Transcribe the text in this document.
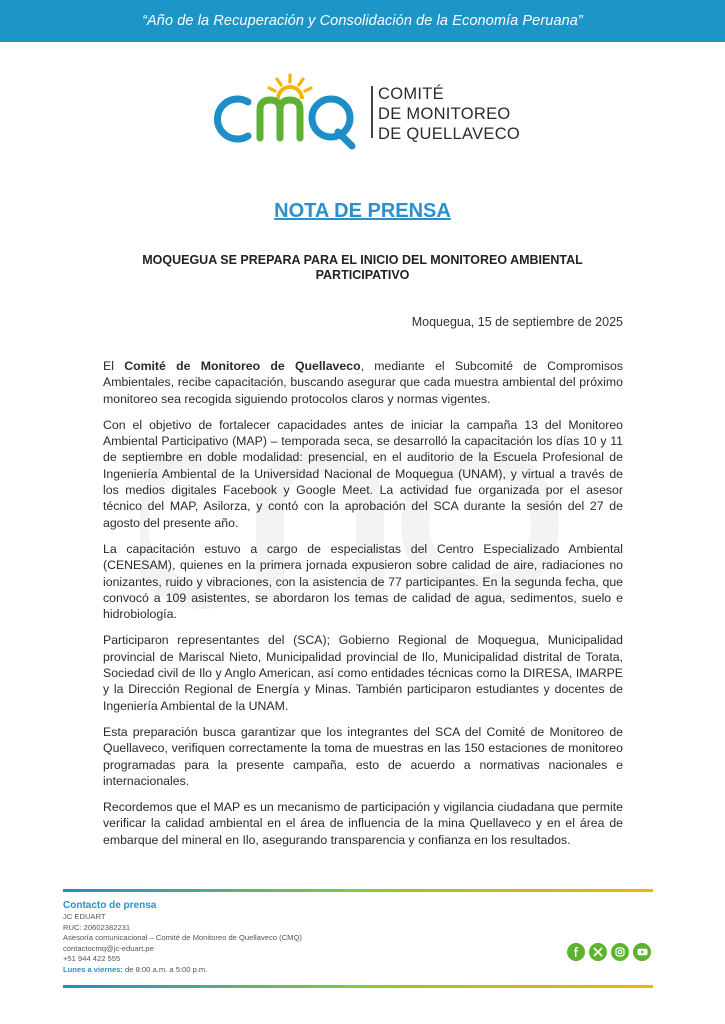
“Año de la Recuperación y Consolidación de la Economía Peruana”
COMITÉ
DE MONITOREO
DE QUELLAVECO
NOTA DE PRENSA
MOQUEGUA SE PREPARA PARA EL INICIO DEL MONITOREO AMBIENTAL
PARTICIPATIVO
Moquegua, 15 de septiembre de 2025

El Comité de Monitoreo de Quellaveco, mediante el Subcomité de Compromisos Ambientales, recibe capacitación, buscando asegurar que cada muestra ambiental del próximo monitoreo sea recogida siguiendo protocolos claros y normas vigentes.

Con el objetivo de fortalecer capacidades antes de iniciar la campaña 13 del Monitoreo Ambiental Participativo (MAP) – temporada seca, se desarrolló la capacitación los días 10 y 11 de septiembre en doble modalidad: presencial, en el auditorio de la Escuela Profesional de Ingeniería Ambiental de la Universidad Nacional de Moquegua (UNAM), y virtual a través de los medios digitales Facebook y Google Meet. La actividad fue organizada por el asesor técnico del MAP, Asilorza, y contó con la aprobación del SCA durante la sesión del 27 de agosto del presente año.

La capacitación estuvo a cargo de especialistas del Centro Especializado Ambiental (CENESAM), quienes en la primera jornada expusieron sobre calidad de aire, radiaciones no ionizantes, ruido y vibraciones, con la asistencia de 77 participantes. En la segunda fecha, que convocó a 109 asistentes, se abordaron los temas de calidad de agua, sedimentos, suelo e hidrobiología.

Participaron representantes del (SCA); Gobierno Regional de Moquegua, Municipalidad provincial de Mariscal Nieto, Municipalidad provincial de Ilo, Municipalidad distrital de Torata, Sociedad civil de Ilo y Anglo American, así como entidades técnicas como la DIRESA, IMARPE y la Dirección Regional de Energía y Minas. También participaron estudiantes y docentes de Ingeniería Ambiental de la UNAM.

Esta preparación busca garantizar que los integrantes del SCA del Comité de Monitoreo de Quellaveco, verifiquen correctamente la toma de muestras en las 150 estaciones de monitoreo programadas para la presente campaña, esto de acuerdo a normativas nacionales e internacionales.

Recordemos que el MAP es un mecanismo de participación y vigilancia ciudadana que permite verificar la calidad ambiental en el área de influencia de la mina Quellaveco y en el área de embarque del mineral en Ilo, asegurando transparencia y confianza en los resultados.

Contacto de prensa
JC EDUART
RUC: 20602382231
Asesoría comunicacional – Comité de Monitoreo de Quellaveco (CMQ)
contactocmq@jc-eduart.pe
+51 944 422 555
Lunes a viernes: de 8:00 a.m. a 5:00 p.m.
